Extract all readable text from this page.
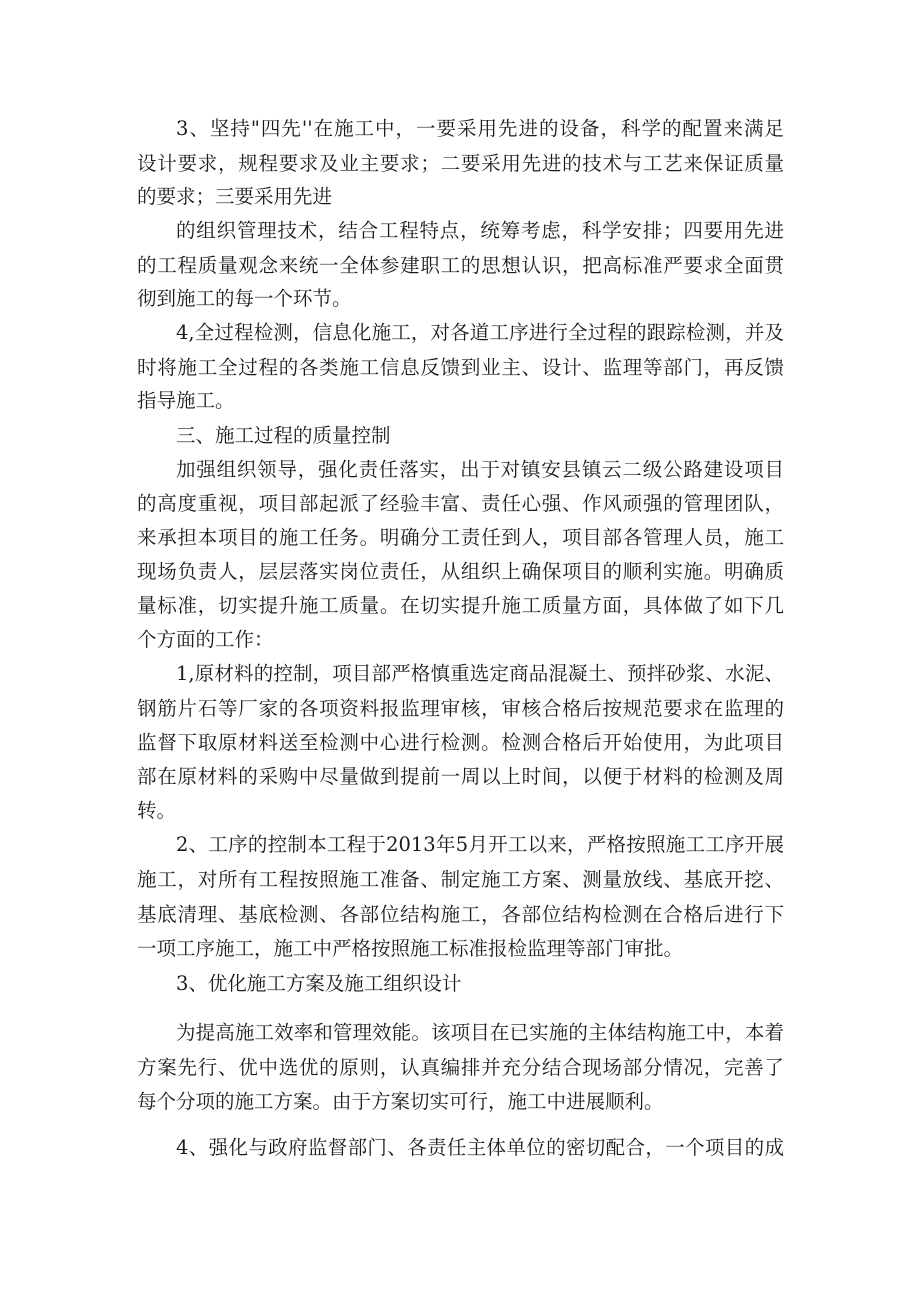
3、坚持"四先''在施工中，一要采用先进的设备，科学的配置来满足
设计要求，规程要求及业主要求；二要采用先进的技术与工艺来保证质量
的要求；三要采用先进
的组织管理技术，结合工程特点，统筹考虑，科学安排；四要用先进
的工程质量观念来统一全体参建职工的思想认识，把高标准严要求全面贯
彻到施工的每一个环节。
4,全过程检测，信息化施工，对各道工序进行全过程的跟踪检测，并及
时将施工全过程的各类施工信息反馈到业主、设计、监理等部门，再反馈
指导施工。
三、施工过程的质量控制
加强组织领导，强化责任落实，出于对镇安县镇云二级公路建设项目
的高度重视，项目部起派了经验丰富、责任心强、作风顽强的管理团队，
来承担本项目的施工任务。明确分工责任到人，项目部各管理人员，施工
现场负责人，层层落实岗位责任，从组织上确保项目的顺利实施。明确质
量标准，切实提升施工质量。在切实提升施工质量方面，具体做了如下几
个方面的工作：
1,原材料的控制，项目部严格慎重选定商品混凝土、预拌砂浆、水泥、
钢筋片石等厂家的各项资料报监理审核，审核合格后按规范要求在监理的
监督下取原材料送至检测中心进行检测。检测合格后开始使用，为此项目
部在原材料的采购中尽量做到提前一周以上时间，以便于材料的检测及周
转。
2、工序的控制本工程于2013年5月开工以来，严格按照施工工序开展
施工，对所有工程按照施工准备、制定施工方案、测量放线、基底开挖、
基底清理、基底检测、各部位结构施工，各部位结构检测在合格后进行下
一项工序施工，施工中严格按照施工标准报检监理等部门审批。
3、优化施工方案及施工组织设计
为提高施工效率和管理效能。该项目在已实施的主体结构施工中，本着
方案先行、优中选优的原则，认真编排并充分结合现场部分情况，完善了
每个分项的施工方案。由于方案切实可行，施工中进展顺利。
4、强化与政府监督部门、各责任主体单位的密切配合，一个项目的成
